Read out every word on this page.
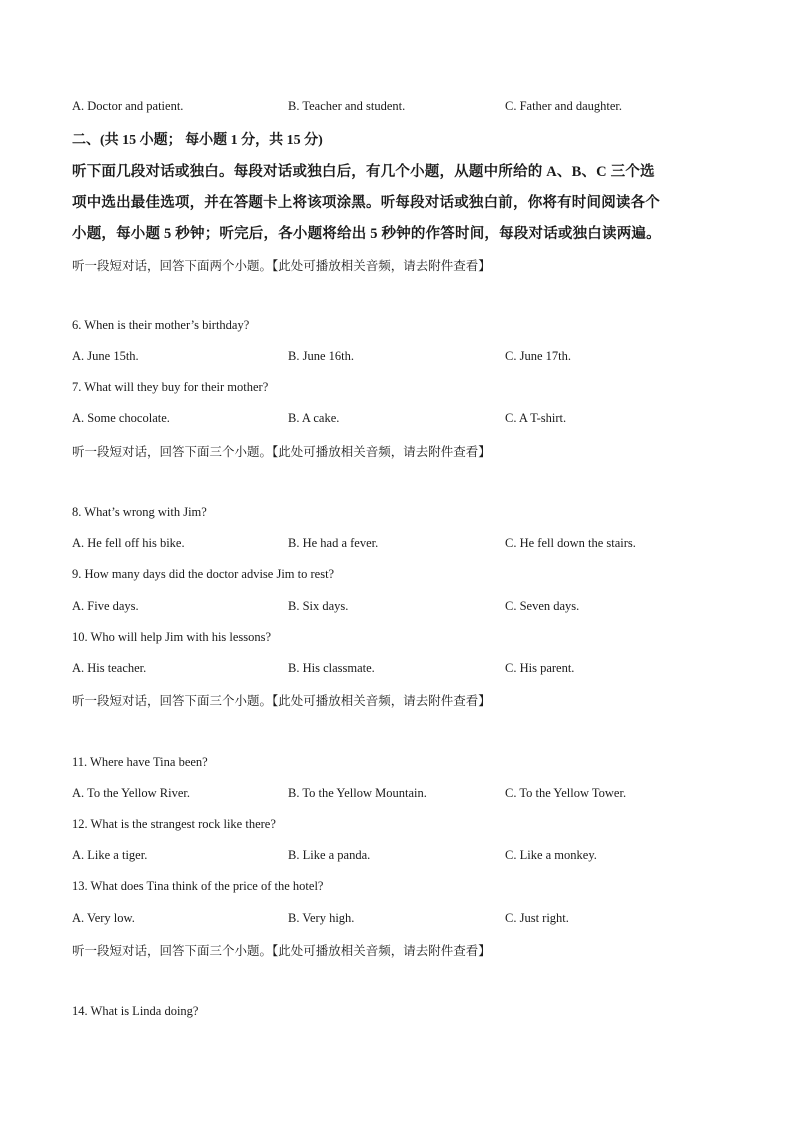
A. Doctor and patient.	B. Teacher and student.	C. Father and daughter.
二、(共 15 小题； 每小题 1 分，共 15 分)
听下面几段对话或独白。每段对话或独白后，有几个小题，从题中所给的 A、B、C 三个选
项中选出最佳选项，并在答题卡上将该项涂黑。听每段对话或独白前，你将有时间阅读各个
小题，每小题 5 秒钟；听完后，各小题将给出 5 秒钟的作答时间，每段对话或独白读两遍。
听一段短对话，回答下面两个小题。【此处可播放相关音频，请去附件查看】
6. When is their mother’s birthday?
A. June 15th.	B. June 16th.	C. June 17th.
7. What will they buy for their mother?
A. Some chocolate.	B. A cake.	C. A T-shirt.
听一段短对话，回答下面三个小题。【此处可播放相关音频，请去附件查看】
8. What’s wrong with Jim?
A. He fell off his bike.	B. He had a fever.	C. He fell down the stairs.
9. How many days did the doctor advise Jim to rest?
A. Five days.	B. Six days.	C. Seven days.
10. Who will help Jim with his lessons?
A. His teacher.	B. His classmate.	C. His parent.
听一段短对话，回答下面三个小题。【此处可播放相关音频，请去附件查看】
11. Where have Tina been?
A. To the Yellow River.	B. To the Yellow Mountain.	C. To the Yellow Tower.
12. What is the strangest rock like there?
A. Like a tiger.	B. Like a panda.	C. Like a monkey.
13. What does Tina think of the price of the hotel?
A. Very low.	B. Very high.	C. Just right.
听一段短对话，回答下面三个小题。【此处可播放相关音频，请去附件查看】
14. What is Linda doing?
